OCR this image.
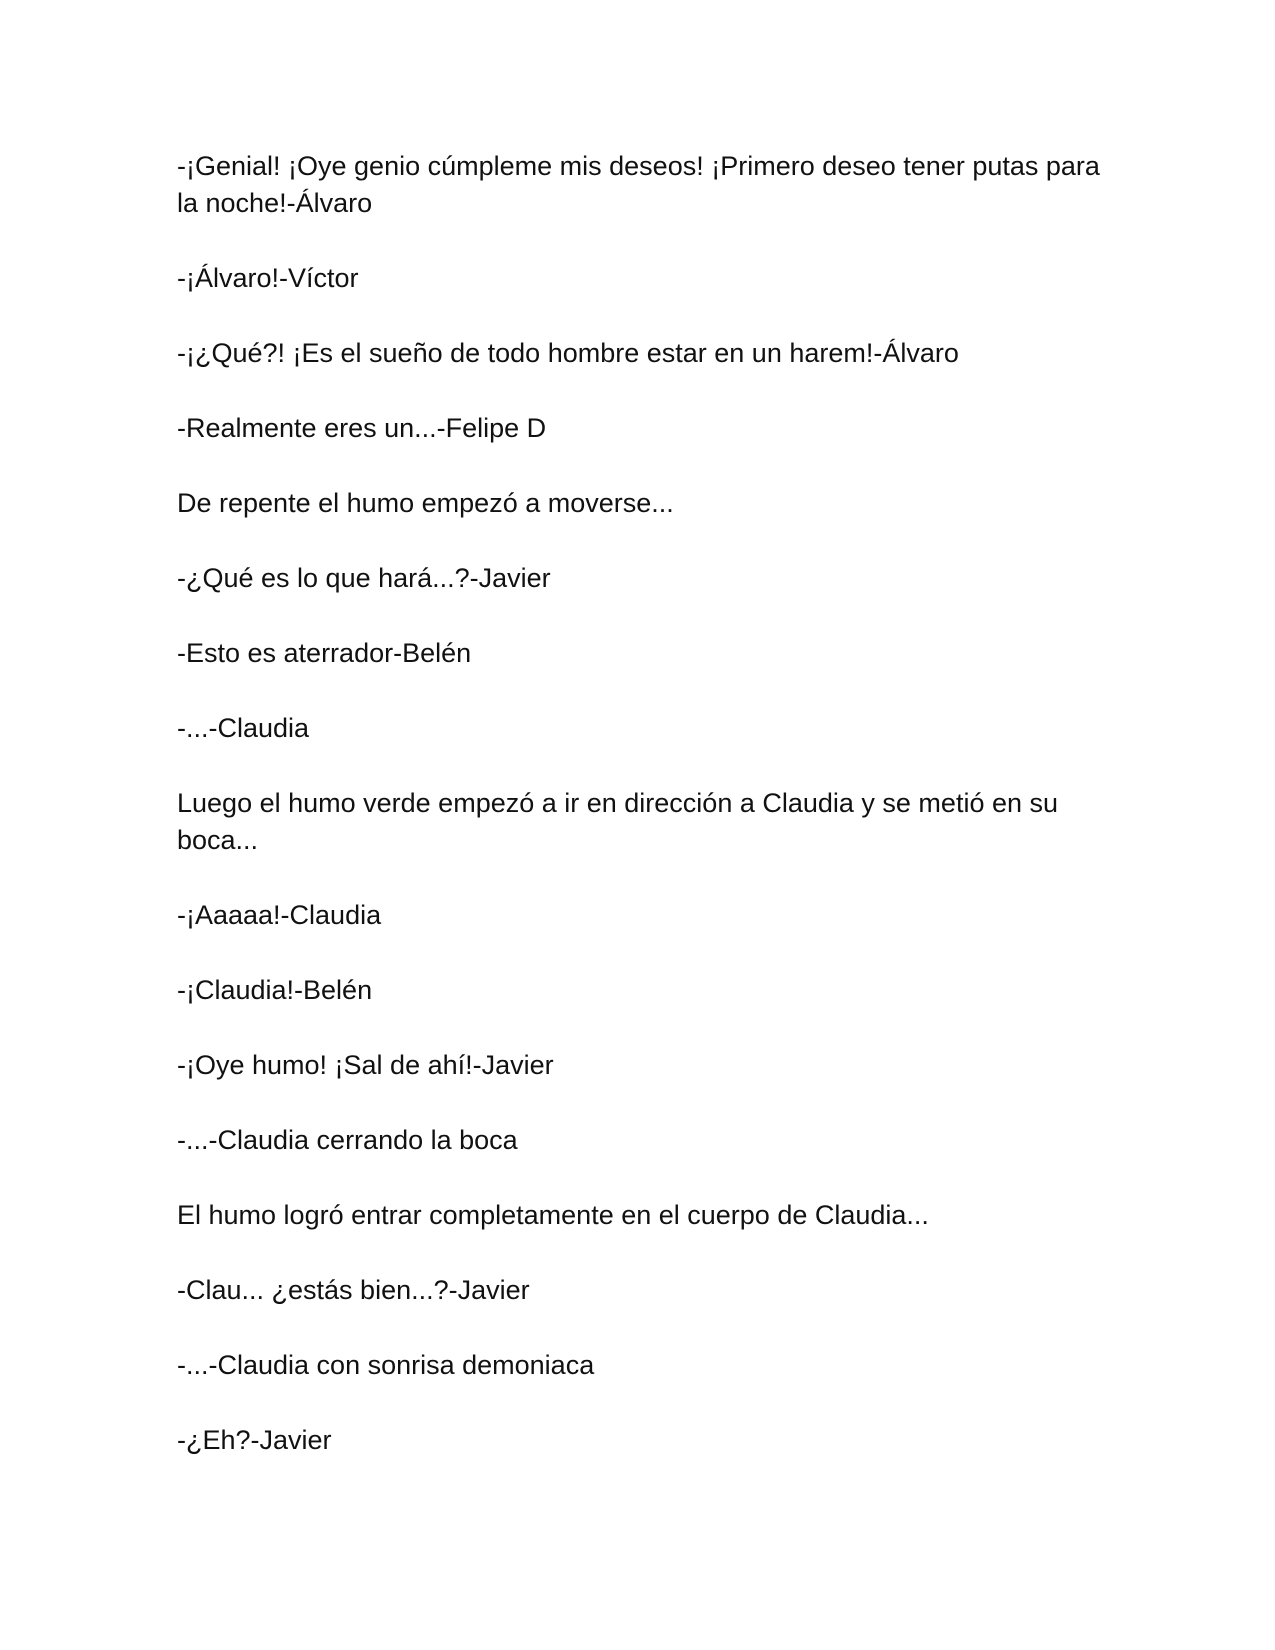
-¡Genial! ¡Oye genio cúmpleme mis deseos! ¡Primero deseo tener putas para la noche!-Álvaro

-¡Álvaro!-Víctor

-¡¿Qué?! ¡Es el sueño de todo hombre estar en un harem!-Álvaro

-Realmente eres un...-Felipe D

De repente el humo empezó a moverse...

-¿Qué es lo que hará...?-Javier

-Esto es aterrador-Belén

-...-Claudia

Luego el humo verde empezó a ir en dirección a Claudia y se metió en su boca...

-¡Aaaaa!-Claudia

-¡Claudia!-Belén

-¡Oye humo! ¡Sal de ahí!-Javier

-...-Claudia cerrando la boca

El humo logró entrar completamente en el cuerpo de Claudia...

-Clau... ¿estás bien...?-Javier

-...-Claudia con sonrisa demoniaca

-¿Eh?-Javier
